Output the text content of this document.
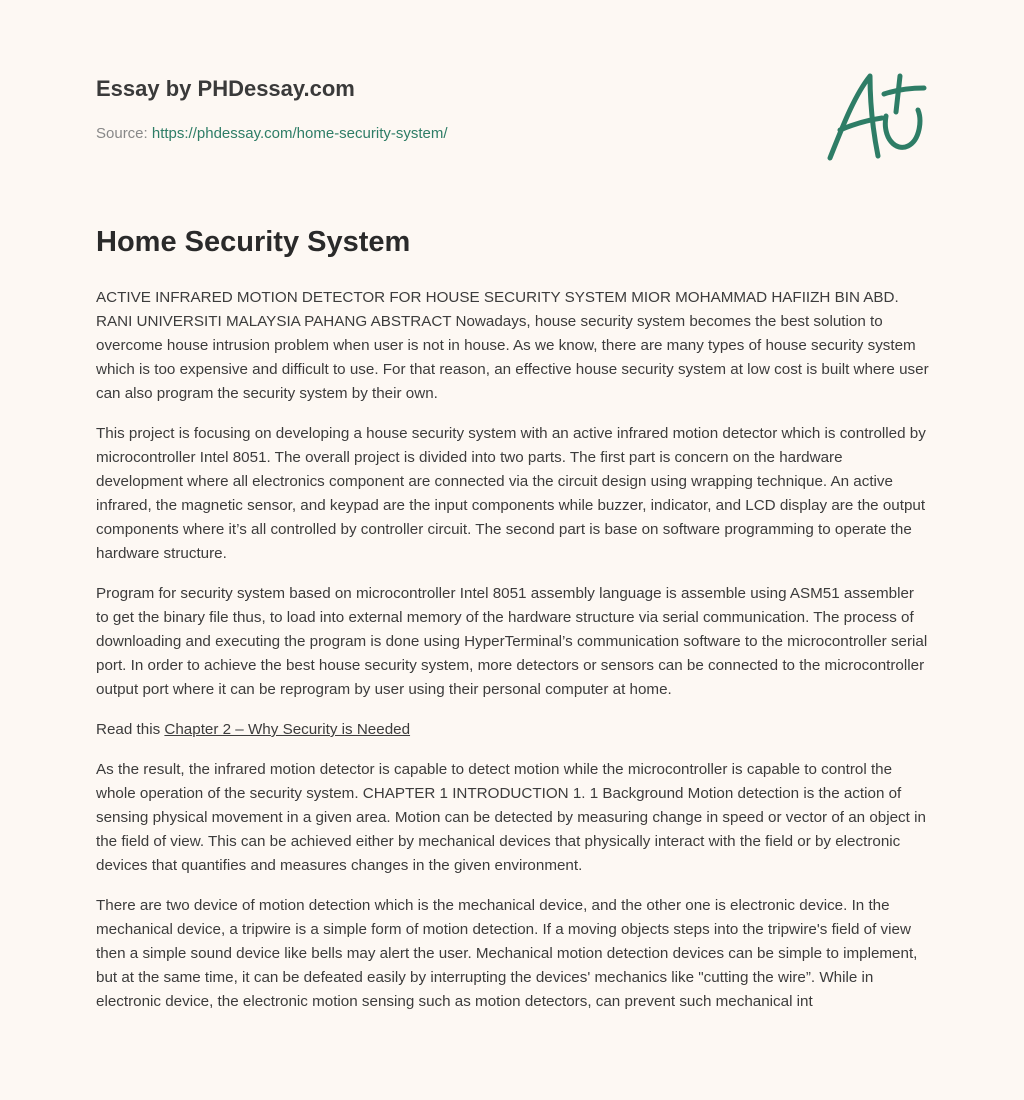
Essay by PHDessay.com
Source: https://phdessay.com/home-security-system/
Home Security System

ACTIVE INFRARED MOTION DETECTOR FOR HOUSE SECURITY SYSTEM MIOR MOHAMMAD HAFIIZH BIN ABD. RANI UNIVERSITI MALAYSIA PAHANG ABSTRACT Nowadays, house security system becomes the best solution to overcome house intrusion problem when user is not in house. As we know, there are many types of house security system which is too expensive and difficult to use. For that reason, an effective house security system at low cost is built where user can also program the security system by their own.

This project is focusing on developing a house security system with an active infrared motion detector which is controlled by microcontroller Intel 8051. The overall project is divided into two parts. The first part is concern on the hardware development where all electronics component are connected via the circuit design using wrapping technique. An active infrared, the magnetic sensor, and keypad are the input components while buzzer, indicator, and LCD display are the output components where it’s all controlled by controller circuit. The second part is base on software programming to operate the hardware structure.

Program for security system based on microcontroller Intel 8051 assembly language is assemble using ASM51 assembler to get the binary file thus, to load into external memory of the hardware structure via serial communication. The process of downloading and executing the program is done using HyperTerminal’s communication software to the microcontroller serial port. In order to achieve the best house security system, more detectors or sensors can be connected to the microcontroller output port where it can be reprogram by user using their personal computer at home.

Read this Chapter 2 – Why Security is Needed

As the result, the infrared motion detector is capable to detect motion while the microcontroller is capable to control the whole operation of the security system. CHAPTER 1 INTRODUCTION 1. 1 Background Motion detection is the action of sensing physical movement in a given area. Motion can be detected by measuring change in speed or vector of an object in the field of view. This can be achieved either by mechanical devices that physically interact with the field or by electronic devices that quantifies and measures changes in the given environment.

There are two device of motion detection which is the mechanical device, and the other one is electronic device. In the mechanical device, a tripwire is a simple form of motion detection. If a moving objects steps into the tripwire's field of view then a simple sound device like bells may alert the user. Mechanical motion detection devices can be simple to implement, but at the same time, it can be defeated easily by interrupting the devices' mechanics like "cutting the wire”. While in electronic device, the electronic motion sensing such as motion detectors, can prevent such mechanical int
